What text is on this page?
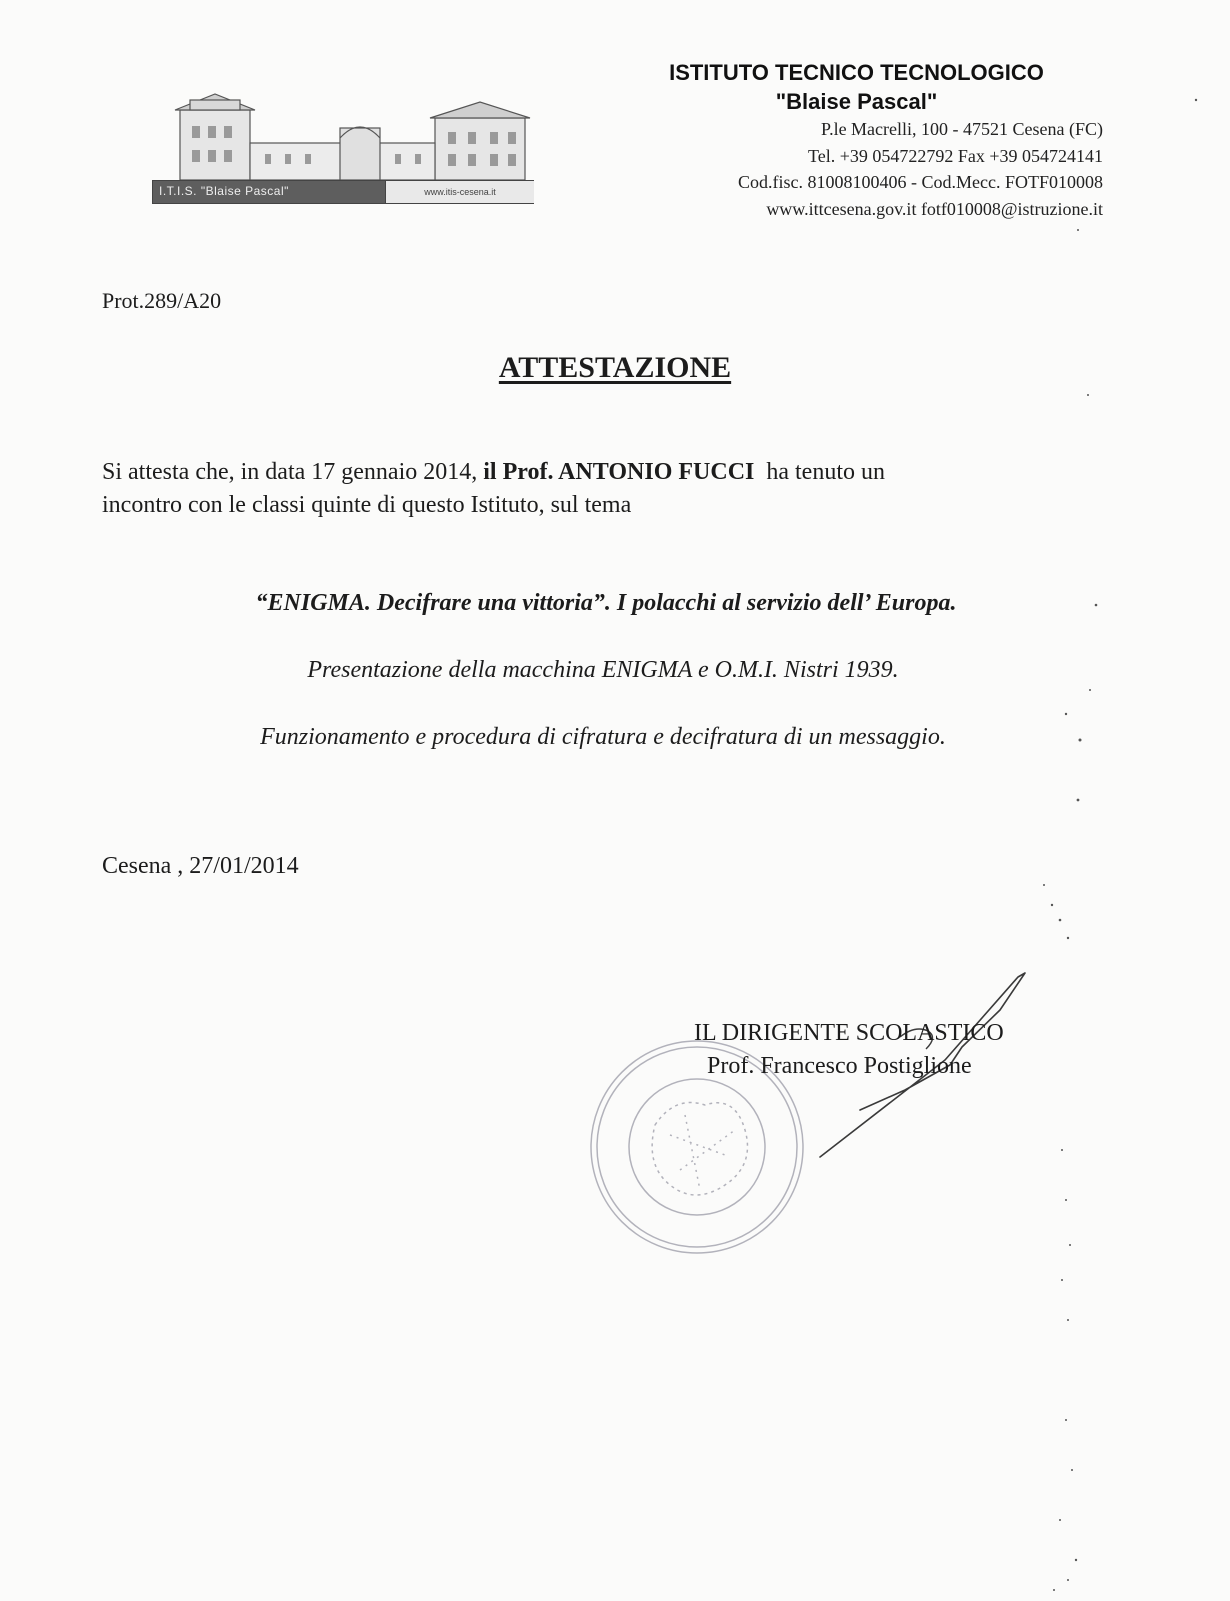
I.T.I.S. "Blaise Pascal"	www.itis-cesena.it
ISTITUTO TECNICO TECNOLOGICO
"Blaise Pascal"
P.le Macrelli, 100 - 47521 Cesena (FC)
Tel. +39 054722792 Fax +39 054724141
Cod.fisc. 81008100406 - Cod.Mecc. FOTF010008
www.ittcesena.gov.it fotf010008@istruzione.it
Prot.289/A20
ATTESTAZIONE
Si attesta che, in data 17 gennaio 2014, il Prof. ANTONIO FUCCI  ha tenuto un
incontro con le classi quinte di questo Istituto, sul tema
“ENIGMA. Decifrare una vittoria”. I polacchi al servizio dell’ Europa.
Presentazione della macchina ENIGMA e O.M.I. Nistri 1939.
Funzionamento e procedura di cifratura e decifratura di un messaggio.
Cesena , 27/01/2014
IL DIRIGENTE SCOLASTICO
Prof. Francesco Postiglione
